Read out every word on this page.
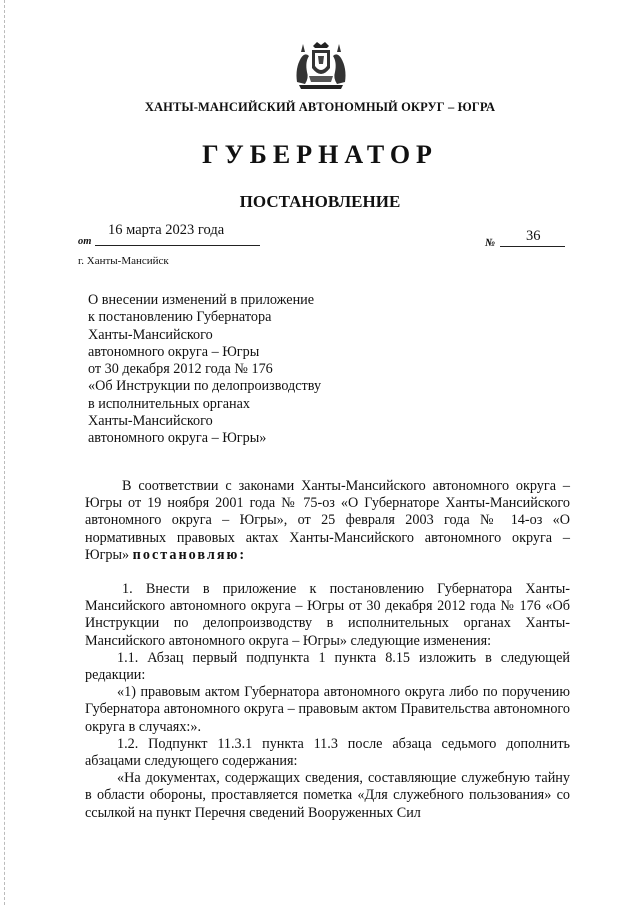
ХАНТЫ-МАНСИЙСКИЙ АВТОНОМНЫЙ ОКРУГ – ЮГРА
ГУБЕРНАТОР
ПОСТАНОВЛЕНИЕ
от
16 марта 2023 года
№ 36
г. Ханты-Мансийск
О внесении изменений в приложение
к постановлению Губернатора
Ханты-Мансийского
автономного округа – Югры
от 30 декабря 2012 года № 176
«Об Инструкции по делопроизводству
в исполнительных органах
Ханты-Мансийского
автономного округа – Югры»

В соответствии с законами Ханты-Мансийского автономного округа – Югры от 19 ноября 2001 года № 75-оз «О Губернаторе Ханты-Мансийского автономного округа – Югры», от 25 февраля 2003 года № 14-оз «О нормативных правовых актах Ханты-Мансийского автономного округа – Югры» постановляю:

1. Внести в приложение к постановлению Губернатора Ханты-Мансийского автономного округа – Югры от 30 декабря 2012 года № 176 «Об Инструкции по делопроизводству в исполнительных органах Ханты-Мансийского автономного округа – Югры» следующие изменения:

1.1. Абзац первый подпункта 1 пункта 8.15 изложить в следующей редакции:

«1) правовым актом Губернатора автономного округа либо по поручению Губернатора автономного округа – правовым актом Правительства автономного округа в случаях:».

1.2. Подпункт 11.3.1 пункта 11.3 после абзаца седьмого дополнить абзацами следующего содержания:

«На документах, содержащих сведения, составляющие служебную тайну в области обороны, проставляется пометка «Для служебного пользования» со ссылкой на пункт Перечня сведений Вооруженных Сил
